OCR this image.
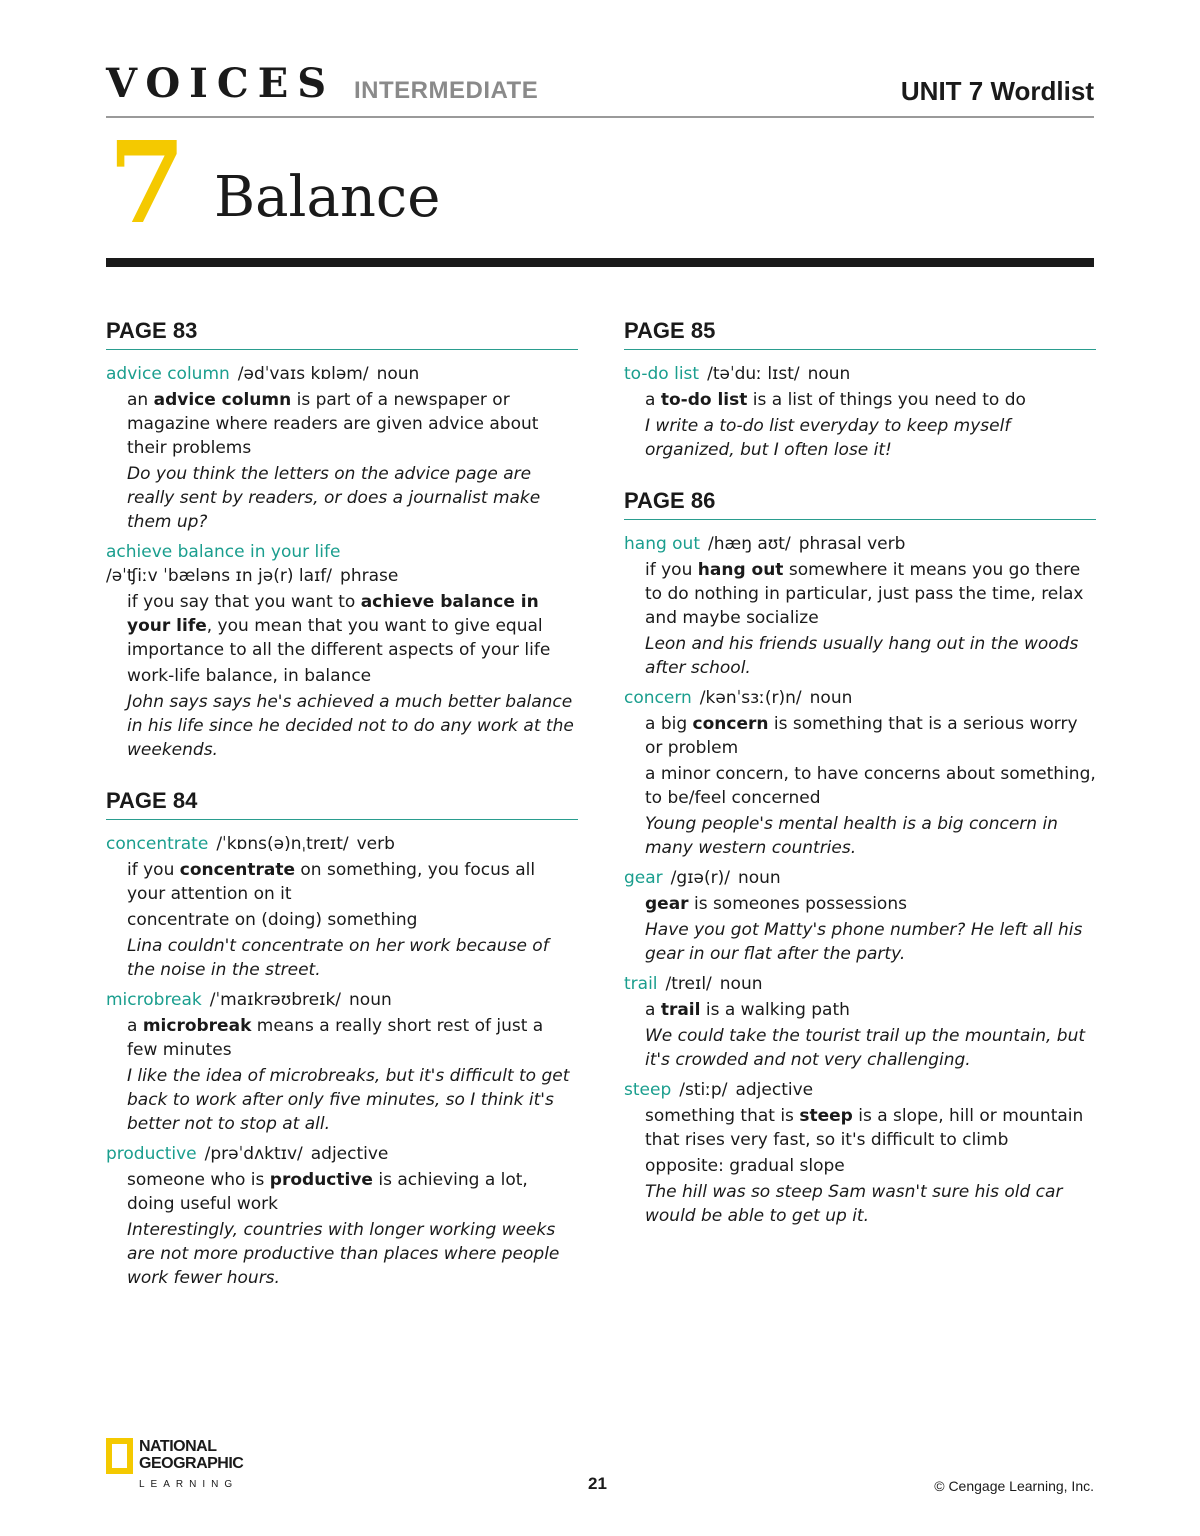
VOICES INTERMEDIATE	UNIT 7 Wordlist
7 Balance
PAGE 83
advice column /ədˈvaɪs kɒləm/ noun
an advice column is part of a newspaper or magazine where readers are given advice about their problems
Do you think the letters on the advice page are really sent by readers, or does a journalist make them up?
achieve balance in your life
/əˈʧiːv ˈbæləns ɪn jə(r) laɪf/ phrase
if you say that you want to achieve balance in your life, you mean that you want to give equal importance to all the different aspects of your life
work-life balance, in balance
John says says he's achieved a much better balance in his life since he decided not to do any work at the weekends.
PAGE 84
concentrate /ˈkɒns(ə)nˌtreɪt/ verb
if you concentrate on something, you focus all your attention on it
concentrate on (doing) something
Lina couldn't concentrate on her work because of the noise in the street.
microbreak /ˈmaɪkrəʊbreɪk/ noun
a microbreak means a really short rest of just a few minutes
I like the idea of microbreaks, but it's difficult to get back to work after only five minutes, so I think it's better not to stop at all.
productive /prəˈdʌktɪv/ adjective
someone who is productive is achieving a lot, doing useful work
Interestingly, countries with longer working weeks are not more productive than places where people work fewer hours.
PAGE 85
to-do list /təˈduː lɪst/ noun
a to-do list is a list of things you need to do
I write a to-do list everyday to keep myself organized, but I often lose it!
PAGE 86
hang out /hæŋ aʊt/ phrasal verb
if you hang out somewhere it means you go there to do nothing in particular, just pass the time, relax and maybe socialize
Leon and his friends usually hang out in the woods after school.
concern /kənˈsɜː(r)n/ noun
a big concern is something that is a serious worry or problem
a minor concern, to have concerns about something, to be/feel concerned
Young people's mental health is a big concern in many western countries.
gear /gɪə(r)/ noun
gear is someones possessions
Have you got Matty's phone number? He left all his gear in our flat after the party.
trail /treɪl/ noun
a trail is a walking path
We could take the tourist trail up the mountain, but it's crowded and not very challenging.
steep /stiːp/ adjective
something that is steep is a slope, hill or mountain that rises very fast, so it's difficult to climb
opposite: gradual slope
The hill was so steep Sam wasn't sure his old car would be able to get up it.
NATIONAL
GEOGRAPHIC
LEARNING	21	© Cengage Learning, Inc.
